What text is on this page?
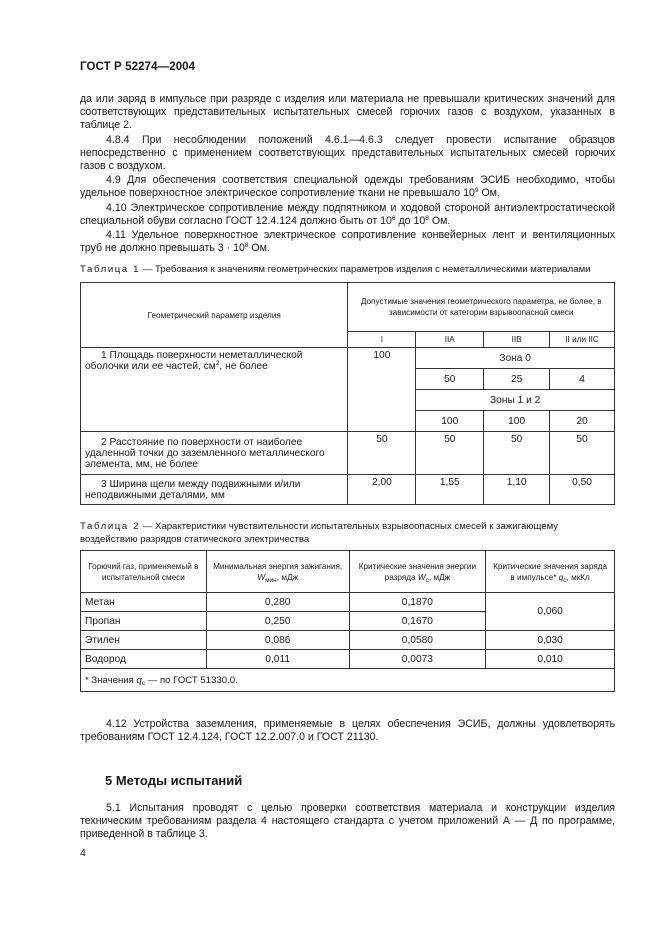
ГОСТ Р 52274—2004

да или заряд в импульсе при разряде с изделия или материала не превышали критических значений для соответствующих представительных испытательных смесей горючих газов с воздухом, указанных в таблице 2.

4.8.4 При несоблюдении положений 4.6.1—4.6.3 следует провести испытание образцов непосредственно с применением соответствующих представительных испытательных смесей горючих газов с воздухом.

4.9 Для обеспечения соответствия специальной одежды требованиям ЭСИБ необходимо, чтобы удельное поверхностное электрическое сопротивление ткани не превышало $10^9$ Ом.

4.10 Электрическое сопротивление между подпятником и ходовой стороной антиэлектростатической специальной обуви согласно ГОСТ 12.4.124 должно быть от $10^6$ до $10^8$ Ом.

4.11 Удельное поверхностное электрическое сопротивление конвейерных лент и вентиляционных труб не должно превышать $3 \cdot 10^8$ Ом.

Таблица 1 — Требования к значениям геометрических параметров изделия с неметаллическими материалами
Геометрический параметр изделия	Допустимые значения геометрического параметра, не более, в зависимости от категории взрывоопасной смеси			
	I	IIA	IIB	II или IIC

1 Площадь поверхности неметаллической оболочки или ее частей, $см^2$, не более	100	Зона 0		
		50	25	4
		Зоны 1 и 2		
		100	100	20

2 Расстояние по поверхности от наиболее удаленной точки до заземленного металлического элемента, мм, не более	50	50	50	50

3 Ширина щели между подвижными и/или неподвижными деталями, мм	2,00	1,55	1,10	0,50
Таблица 2 — Характеристики чувствительности испытательных взрывоопасных смесей к зажигающему воздействию разрядов статического электричества
Горючий газ, применяемый в испытательной смеси	Минимальная энергия зажигания, $W_{мин}$, мДж	Критические значения энергии разряда $W_c$, мДж	Критические значения заряда в импульсе* $q_c$, мкКл
Метан	0,280	0,1870	0,060
Пропан	0,250	0,1670	
Этилен	0,086	0,0580	0,030
Водород	0,011	0,0073	0,010
* Значения $q_c$ — по ГОСТ 51330.0.			

4.12 Устройства заземления, применяемые в целях обеспечения ЭСИБ, должны удовлетворять требованиям ГОСТ 12.4.124, ГОСТ 12.2.007.0 и ГОСТ 21130.

5 Методы испытаний

5.1 Испытания проводят с целью проверки соответствия материала и конструкции изделия техническим требованиям раздела 4 настоящего стандарта с учетом приложений А — Д по программе, приведенной в таблице 3.

4
